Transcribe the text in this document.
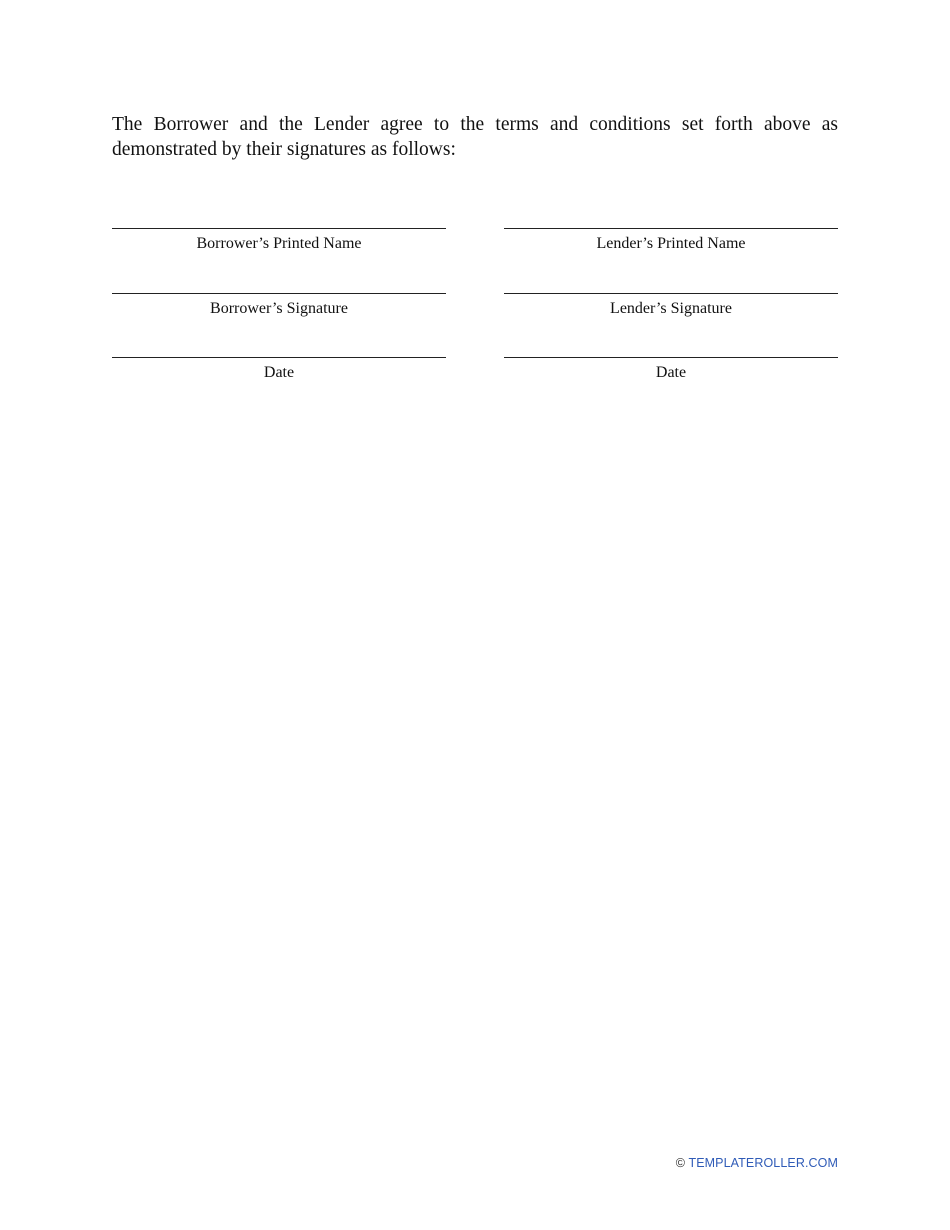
The Borrower and the Lender agree to the terms and conditions set forth above as demonstrated by their signatures as follows:

Borrower’s Printed Name
Borrower’s Signature
Date
Lender’s Printed Name
Lender’s Signature
Date
© TEMPLATEROLLER.COM
